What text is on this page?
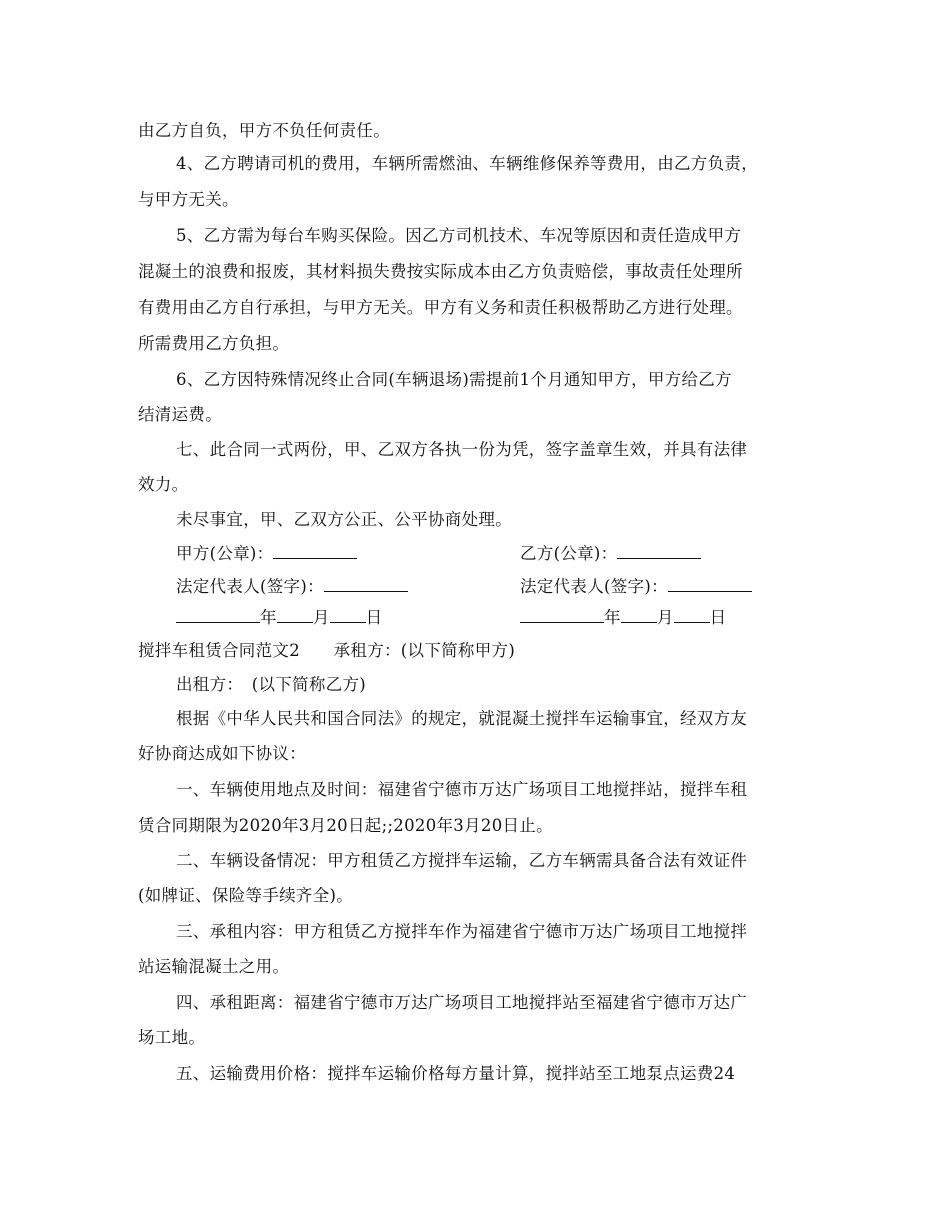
由乙方自负，甲方不负任何责任。
4、乙方聘请司机的费用，车辆所需燃油、车辆维修保养等费用，由乙方负责，
与甲方无关。
5、乙方需为每台车购买保险。因乙方司机技术、车况等原因和责任造成甲方
混凝土的浪费和报废，其材料损失费按实际成本由乙方负责赔偿，事故责任处理所
有费用由乙方自行承担，与甲方无关。甲方有义务和责任积极帮助乙方进行处理。
所需费用乙方负担。
6、乙方因特殊情况终止合同(车辆退场)需提前1个月通知甲方，甲方给乙方
结清运费。
七、此合同一式两份，甲、乙双方各执一份为凭，签字盖章生效，并具有法律
效力。
未尽事宜，甲、乙双方公正、公平协商处理。
甲方(公章)：	乙方(公章)：
法定代表人(签字)：	法定代表人(签字)：
年 月 日	年 月 日
搅拌车租赁合同范文2　　承租方：(以下简称甲方)
出租方：　(以下简称乙方)
根据《中华人民共和国合同法》的规定，就混凝土搅拌车运输事宜，经双方友
好协商达成如下协议：
一、车辆使用地点及时间：福建省宁德市万达广场项目工地搅拌站，搅拌车租
赁合同期限为2020年3月20日起;;2020年3月20日止。
二、车辆设备情况：甲方租赁乙方搅拌车运输，乙方车辆需具备合法有效证件
(如牌证、保险等手续齐全)。
三、承租内容：甲方租赁乙方搅拌车作为福建省宁德市万达广场项目工地搅拌
站运输混凝土之用。
四、承租距离：福建省宁德市万达广场项目工地搅拌站至福建省宁德市万达广
场工地。
五、运输费用价格：搅拌车运输价格每方量计算，搅拌站至工地泵点运费24
